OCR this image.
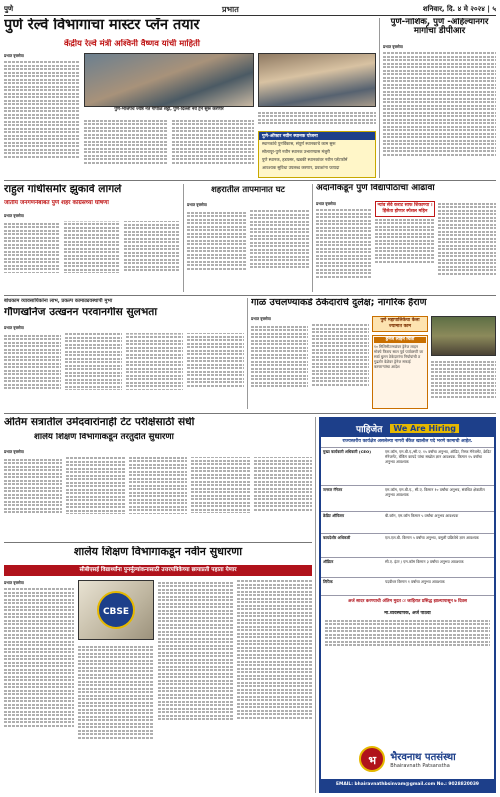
पुणे	प्रभात	शनिवार, दि. ४ मे २०२४ | ५
पुणे रेल्वे विभागाचा मास्टर प्लॅन तयार
केंद्रीय रेल्वे मंत्री अश्विनी वैष्णव यांची माहिती
प्रभात वृत्तसेवा
पुणे-भाजपचे ज्येष्ठ नेते गोपाळ शेट्टी, पुणे-दिल्ली नवे ट्रेन सुरू करणार
पुणे-ऑफ्टर नवीन स्थानक योजना
स्थानकांचे पुनर्विकास, संपूर्ण स्थानकाचे काम सुरू
सोलापूर-पुणे नवीन स्थानक उभारण्यास मंजुरी
पुणे स्थानक, हडपसर, खडकी स्थानकांवर नवीन प्लॅटफॉर्म
आवश्यक सुविधा उपलब्ध करणार, प्रवाशांना फायदा
पुणे-नाशिक, पुणे -अहिल्यानगर मार्गाचा डीपीआर
प्रभात वृत्तसेवा
राहुल गांधींसमोर झुकावे लागले
जातीय जनगणनेबाबत पुणे शहर काँग्रेसच्या घोषणा
प्रभात वृत्तसेवा
शहरातील तापमानात घट
प्रभात वृत्तसेवा
अदानींकडून पुणे विद्यापीठाचा आढावा
प्रभात वृत्तसेवा	न्यांव सेवे कराट साफ शिकाण्या । हिंसेता होणार स्पेशल महिन
बांधकाम व्यावसायिकांना लाभ, प्रकल्प कामाट्यवस्थापी मुभा
गौणखनिज उत्खनन परवानगीस सुलभता
प्रभात वृत्तसेवा
गाळ उचलण्याकडे ठेकेदारांचे दुर्लक्ष; नागरिक हैराण
प्रभात वृत्तसेवा	पुणे महापालिकेचा केला ज्यामात काम
ड्रेनेज लाइन चिंता
१० मिलिमीटरच्यांवर ड्रेनेज लाइन मोक्ये फिराय साल पूर्व पर्यावरणी जा सार्व बुलन ठेकेदारांना निर्यायांची ठ गुढतोर वेळेवर ड्रेनेज सफाई करणाऱ्यांचा आदेश
अंतिम सत्रातील उमेदवारांनाही टेट परीक्षेसाठी संधी
शालेय शिक्षण विभागाकडून तरतुदीत सुधारणा
प्रभात वृत्तसेवा
शालेय शिक्षण विभागाकडून नवीन सुधारणा
सीबीएसई विद्यार्थ्यांना पुनर्मूल्यांकनासाठी उत्तरपत्रिकेच्या छायाप्रती पहाता येणार
प्रभात वृत्तसेवा
CBSE
पाहिजेत	We Are Hiring
राज्यस्तरीय कार्यक्षेत्र असलेल्या नागरी बँकेत खालील पदे भरणे कामाची आहेत.
मुख्य कार्यकारी अधिकारी (CEO)	एम.कॉम, एम.बी.ए./सी.ए. १५ वर्षांचा अनुभव, ऑडिट, रिस्क मॅनेजमेंट, क्रेडिट मॅनेजमेंट, बँकिंग कायदे यांचा सखोल ज्ञान आवश्यक. किमान १५ वर्षांचा अनुभव आवश्यक
जनरल मॅनेजर	एम.कॉम, एम.बी.ए., सी.ए. किमान १० वर्षांचा अनुभव, संबंधित क्षेत्रातील अनुभव आवश्यक
क्रेडिट ऑफिसर	बी.कॉम, एम.कॉम किमान ५ वर्षांचा अनुभव आवश्यक
कायदेशीर अधिकारी	एल.एल.बी. किमान ५ वर्षांचा अनुभव, वसुली प्रक्रियेचे ज्ञान आवश्यक
ऑडिटर	सी.ए. इंटर / एम.कॉम किमान ३ वर्षांचा अनुभव आवश्यक
लिपिक	पदवीधर किमान १ वर्षाचा अनुभव आवश्यक
अर्ज सादर करण्याची अंतिम मुदत ः जाहिरात प्रसिद्ध झाल्यापासून ७ दिवस
मा.व्यवस्थापक, अर्ज पाठवा
भ	भैरवनाथ पतसंस्था
Bhairavnath Patsanstha
EMAIL: bhairavnathbsinvam@gmail.com No.: 9028820039
